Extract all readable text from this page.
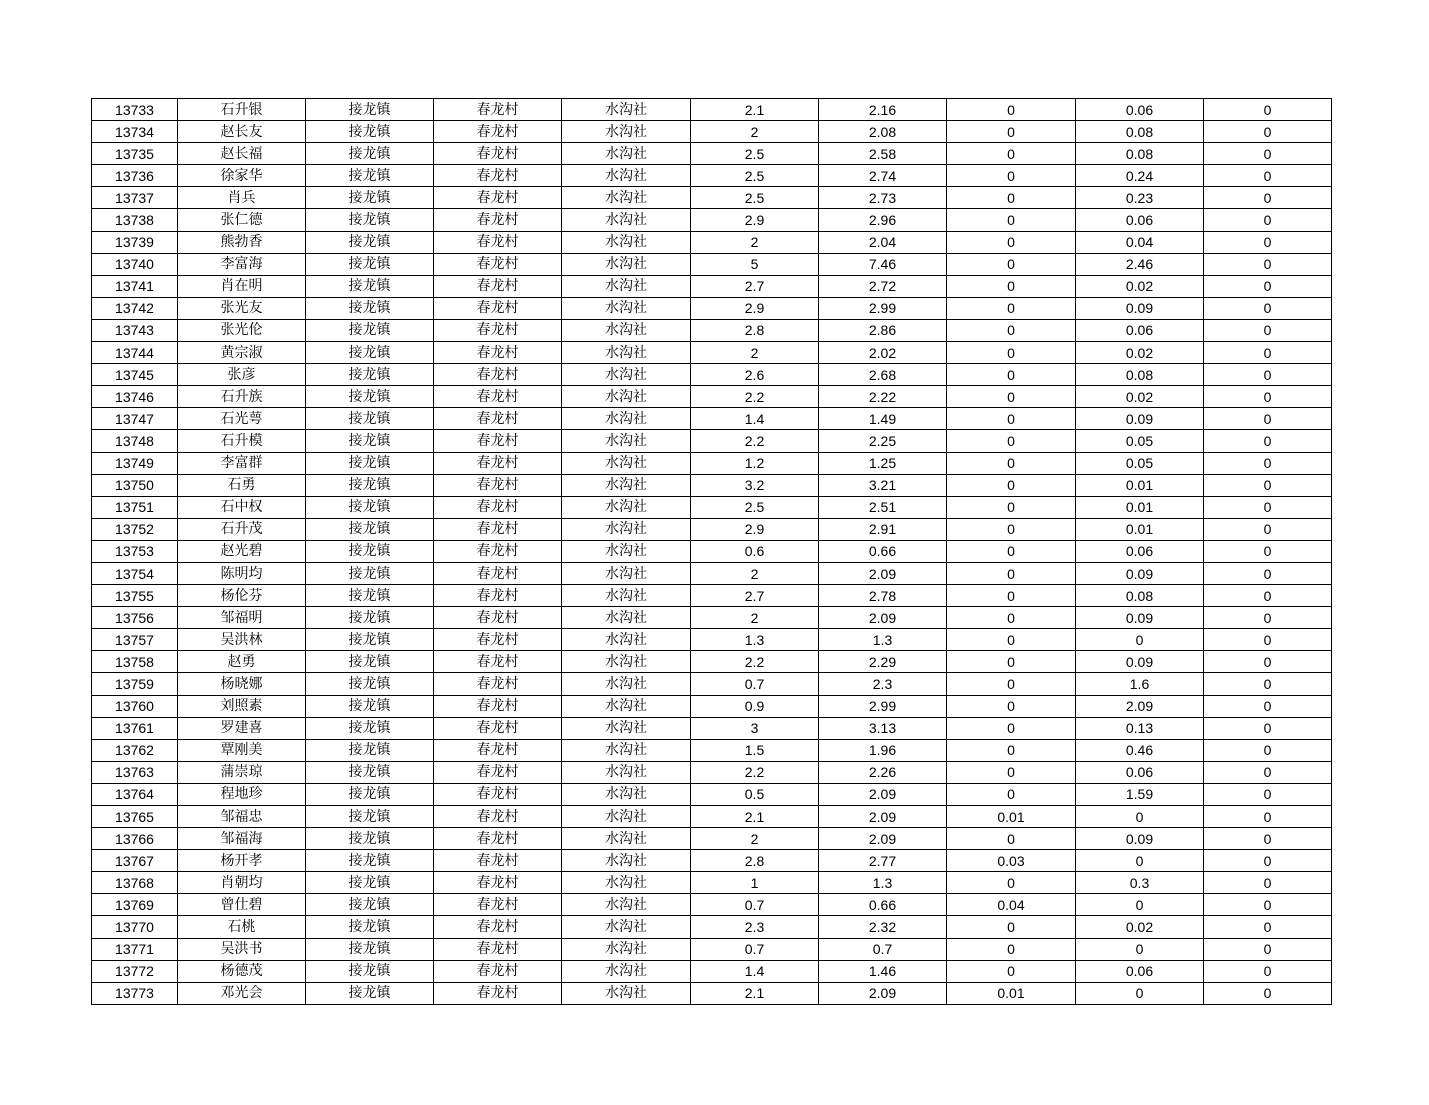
13733	石升银	接龙镇	春龙村	水沟社	2.1	2.16	0	0.06	0
13734	赵长友	接龙镇	春龙村	水沟社	2	2.08	0	0.08	0
13735	赵长福	接龙镇	春龙村	水沟社	2.5	2.58	0	0.08	0
13736	徐家华	接龙镇	春龙村	水沟社	2.5	2.74	0	0.24	0
13737	肖兵	接龙镇	春龙村	水沟社	2.5	2.73	0	0.23	0
13738	张仁德	接龙镇	春龙村	水沟社	2.9	2.96	0	0.06	0
13739	熊勃香	接龙镇	春龙村	水沟社	2	2.04	0	0.04	0
13740	李富海	接龙镇	春龙村	水沟社	5	7.46	0	2.46	0
13741	肖在明	接龙镇	春龙村	水沟社	2.7	2.72	0	0.02	0
13742	张光友	接龙镇	春龙村	水沟社	2.9	2.99	0	0.09	0
13743	张光伦	接龙镇	春龙村	水沟社	2.8	2.86	0	0.06	0
13744	黄宗淑	接龙镇	春龙村	水沟社	2	2.02	0	0.02	0
13745	张彦	接龙镇	春龙村	水沟社	2.6	2.68	0	0.08	0
13746	石升族	接龙镇	春龙村	水沟社	2.2	2.22	0	0.02	0
13747	石光萼	接龙镇	春龙村	水沟社	1.4	1.49	0	0.09	0
13748	石升模	接龙镇	春龙村	水沟社	2.2	2.25	0	0.05	0
13749	李富群	接龙镇	春龙村	水沟社	1.2	1.25	0	0.05	0
13750	石勇	接龙镇	春龙村	水沟社	3.2	3.21	0	0.01	0
13751	石中权	接龙镇	春龙村	水沟社	2.5	2.51	0	0.01	0
13752	石升茂	接龙镇	春龙村	水沟社	2.9	2.91	0	0.01	0
13753	赵光碧	接龙镇	春龙村	水沟社	0.6	0.66	0	0.06	0
13754	陈明均	接龙镇	春龙村	水沟社	2	2.09	0	0.09	0
13755	杨伦芬	接龙镇	春龙村	水沟社	2.7	2.78	0	0.08	0
13756	邹福明	接龙镇	春龙村	水沟社	2	2.09	0	0.09	0
13757	吴洪林	接龙镇	春龙村	水沟社	1.3	1.3	0	0	0
13758	赵勇	接龙镇	春龙村	水沟社	2.2	2.29	0	0.09	0
13759	杨晓娜	接龙镇	春龙村	水沟社	0.7	2.3	0	1.6	0
13760	刘照素	接龙镇	春龙村	水沟社	0.9	2.99	0	2.09	0
13761	罗建喜	接龙镇	春龙村	水沟社	3	3.13	0	0.13	0
13762	覃刚美	接龙镇	春龙村	水沟社	1.5	1.96	0	0.46	0
13763	蒲崇琼	接龙镇	春龙村	水沟社	2.2	2.26	0	0.06	0
13764	程地珍	接龙镇	春龙村	水沟社	0.5	2.09	0	1.59	0
13765	邹福忠	接龙镇	春龙村	水沟社	2.1	2.09	0.01	0	0
13766	邹福海	接龙镇	春龙村	水沟社	2	2.09	0	0.09	0
13767	杨开孝	接龙镇	春龙村	水沟社	2.8	2.77	0.03	0	0
13768	肖朝均	接龙镇	春龙村	水沟社	1	1.3	0	0.3	0
13769	曾仕碧	接龙镇	春龙村	水沟社	0.7	0.66	0.04	0	0
13770	石桃	接龙镇	春龙村	水沟社	2.3	2.32	0	0.02	0
13771	吴洪书	接龙镇	春龙村	水沟社	0.7	0.7	0	0	0
13772	杨德茂	接龙镇	春龙村	水沟社	1.4	1.46	0	0.06	0
13773	邓光会	接龙镇	春龙村	水沟社	2.1	2.09	0.01	0	0
